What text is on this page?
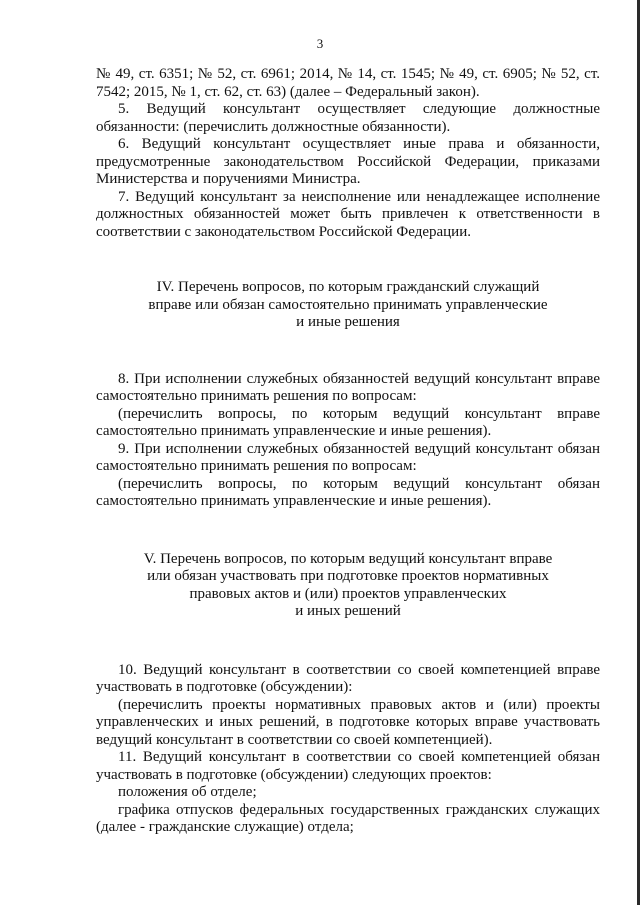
3

№ 49, ст. 6351; № 52, ст. 6961; 2014, № 14, ст. 1545; № 49, ст. 6905; № 52, ст. 7542; 2015, № 1, ст. 62, ст. 63) (далее – Федеральный закон).

5. Ведущий консультант осуществляет следующие должностные обязанности: (перечислить должностные обязанности).

6. Ведущий консультант осуществляет иные права и обязанности, предусмотренные законодательством Российской Федерации, приказами Министерства и поручениями Министра.

7. Ведущий консультант за неисполнение или ненадлежащее исполнение должностных обязанностей может быть привлечен к ответственности в соответствии с законодательством Российской Федерации.

IV. Перечень вопросов, по которым гражданский служащий
вправе или обязан самостоятельно принимать управленческие
и иные решения

8. При исполнении служебных обязанностей ведущий консультант вправе самостоятельно принимать решения по вопросам:

(перечислить вопросы, по которым ведущий консультант вправе самостоятельно принимать управленческие и иные решения).

9. При исполнении служебных обязанностей ведущий консультант обязан самостоятельно принимать решения по вопросам:

(перечислить вопросы, по которым ведущий консультант обязан самостоятельно принимать управленческие и иные решения).

V. Перечень вопросов, по которым ведущий консультант вправе
или обязан участвовать при подготовке проектов нормативных
правовых актов и (или) проектов управленческих
и иных решений

10. Ведущий консультант в соответствии со своей компетенцией вправе участвовать в подготовке (обсуждении):

(перечислить проекты нормативных правовых актов и (или) проекты управленческих и иных решений, в подготовке которых вправе участвовать ведущий консультант в соответствии со своей компетенцией).

11. Ведущий консультант в соответствии со своей компетенцией обязан участвовать в подготовке (обсуждении) следующих проектов:

положения об отделе;

графика отпусков федеральных государственных гражданских служащих (далее - гражданские служащие) отдела;
